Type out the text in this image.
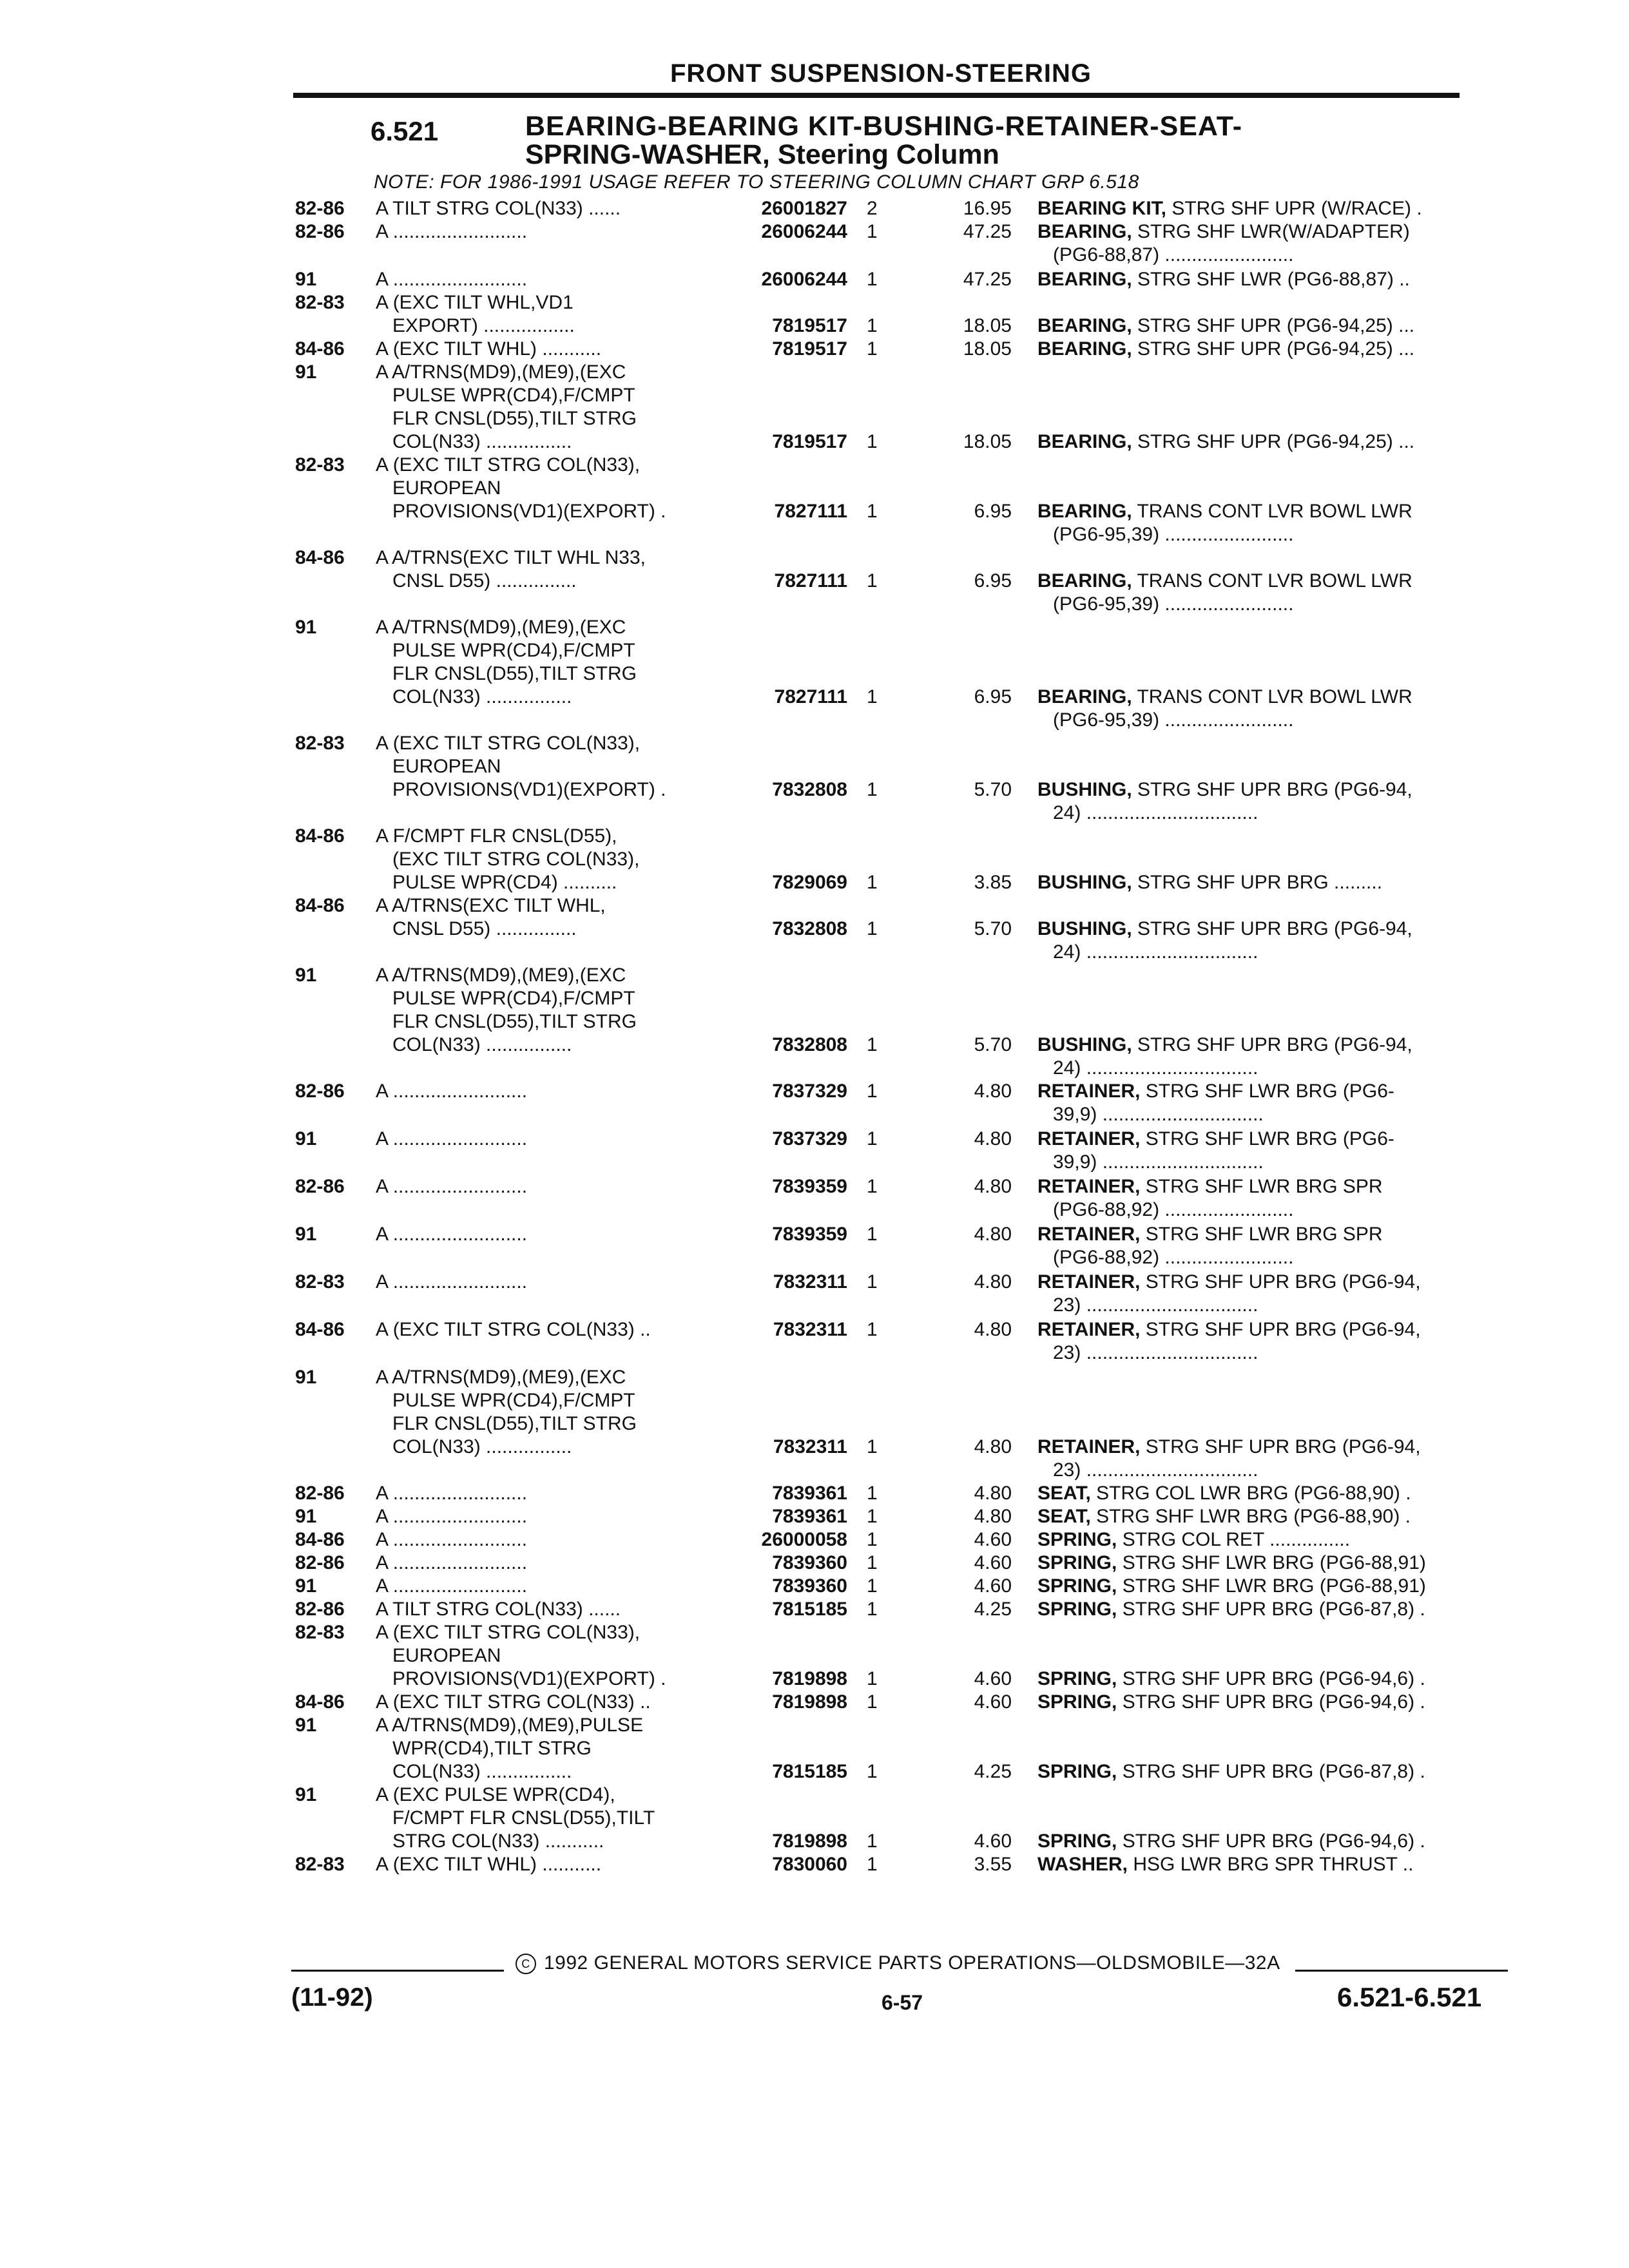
FRONT SUSPENSION-STEERING
6.521	BEARING-BEARING KIT-BUSHING-RETAINER-SEAT-
SPRING-WASHER, Steering Column
NOTE: FOR 1986-1991 USAGE REFER TO STEERING COLUMN CHART GRP 6.518
82-86 A TILT STRG COL(N33) ......	26001827 2	16.95 BEARING KIT, STRG SHF UPR (W/RACE) .
82-86 A .........................	26006244 1	47.25 BEARING, STRG SHF LWR(W/ADAPTER)
(PG6-88,87) ........................
91	A .........................	26006244 1	47.25 BEARING, STRG SHF LWR (PG6-88,87) ..
82-83 A (EXC TILT WHL,VD1
EXPORT) .................	7819517 1	18.05 BEARING, STRG SHF UPR (PG6-94,25) ...
84-86 A (EXC TILT WHL) ...........	7819517 1	18.05 BEARING, STRG SHF UPR (PG6-94,25) ...
91	A A/TRNS(MD9),(ME9),(EXC
PULSE WPR(CD4),F/CMPT
FLR CNSL(D55),TILT STRG
COL(N33) ................	7819517 1	18.05 BEARING, STRG SHF UPR (PG6-94,25) ...
82-83 A (EXC TILT STRG COL(N33),
EUROPEAN
PROVISIONS(VD1)(EXPORT) .	7827111 1	6.95 BEARING, TRANS CONT LVR BOWL LWR
(PG6-95,39) ........................
84-86 A A/TRNS(EXC TILT WHL N33,
CNSL D55) ...............	7827111 1	6.95 BEARING, TRANS CONT LVR BOWL LWR
(PG6-95,39) ........................
91	A A/TRNS(MD9),(ME9),(EXC
PULSE WPR(CD4),F/CMPT
FLR CNSL(D55),TILT STRG
COL(N33) ................	7827111 1	6.95 BEARING, TRANS CONT LVR BOWL LWR
(PG6-95,39) ........................
82-83 A (EXC TILT STRG COL(N33),
EUROPEAN
PROVISIONS(VD1)(EXPORT) .	7832808 1	5.70 BUSHING, STRG SHF UPR BRG (PG6-94,
24) ................................
84-86 A F/CMPT FLR CNSL(D55),
(EXC TILT STRG COL(N33),
PULSE WPR(CD4) ..........	7829069 1	3.85 BUSHING, STRG SHF UPR BRG .........
84-86 A A/TRNS(EXC TILT WHL,
CNSL D55) ...............	7832808 1	5.70 BUSHING, STRG SHF UPR BRG (PG6-94,
24) ................................
91	A A/TRNS(MD9),(ME9),(EXC
PULSE WPR(CD4),F/CMPT
FLR CNSL(D55),TILT STRG
COL(N33) ................	7832808 1	5.70 BUSHING, STRG SHF UPR BRG (PG6-94,
24) ................................
82-86 A .........................	7837329 1	4.80 RETAINER, STRG SHF LWR BRG (PG6-
39,9) ..............................
91	A .........................	7837329 1	4.80 RETAINER, STRG SHF LWR BRG (PG6-
39,9) ..............................
82-86 A .........................	7839359 1	4.80 RETAINER, STRG SHF LWR BRG SPR
(PG6-88,92) ........................
91	A .........................	7839359 1	4.80 RETAINER, STRG SHF LWR BRG SPR
(PG6-88,92) ........................
82-83 A .........................	7832311 1	4.80 RETAINER, STRG SHF UPR BRG (PG6-94,
23) ................................
84-86 A (EXC TILT STRG COL(N33) ..	7832311 1	4.80 RETAINER, STRG SHF UPR BRG (PG6-94,
23) ................................
91	A A/TRNS(MD9),(ME9),(EXC
PULSE WPR(CD4),F/CMPT
FLR CNSL(D55),TILT STRG
COL(N33) ................	7832311 1	4.80 RETAINER, STRG SHF UPR BRG (PG6-94,
23) ................................
82-86 A .........................	7839361 1	4.80 SEAT, STRG COL LWR BRG (PG6-88,90) .
91	A .........................	7839361 1	4.80 SEAT, STRG SHF LWR BRG (PG6-88,90) .
84-86 A .........................	26000058 1	4.60 SPRING, STRG COL RET ...............
82-86 A .........................	7839360 1	4.60 SPRING, STRG SHF LWR BRG (PG6-88,91)
91	A .........................	7839360 1	4.60 SPRING, STRG SHF LWR BRG (PG6-88,91)
82-86 A TILT STRG COL(N33) ......	7815185 1	4.25 SPRING, STRG SHF UPR BRG (PG6-87,8) .
82-83 A (EXC TILT STRG COL(N33),
EUROPEAN
PROVISIONS(VD1)(EXPORT) .	7819898 1	4.60 SPRING, STRG SHF UPR BRG (PG6-94,6) .
84-86 A (EXC TILT STRG COL(N33) ..	7819898 1	4.60 SPRING, STRG SHF UPR BRG (PG6-94,6) .
91	A A/TRNS(MD9),(ME9),PULSE
WPR(CD4),TILT STRG
COL(N33) ................	7815185 1	4.25 SPRING, STRG SHF UPR BRG (PG6-87,8) .
91	A (EXC PULSE WPR(CD4),
F/CMPT FLR CNSL(D55),TILT
STRG COL(N33) ...........	7819898 1	4.60 SPRING, STRG SHF UPR BRG (PG6-94,6) .
82-83 A (EXC TILT WHL) ...........	7830060 1	3.55 WASHER, HSG LWR BRG SPR THRUST ..
C 1992 GENERAL MOTORS SERVICE PARTS OPERATIONS—OLDSMOBILE—32A
(11-92)	6-57	6.521-6.521
